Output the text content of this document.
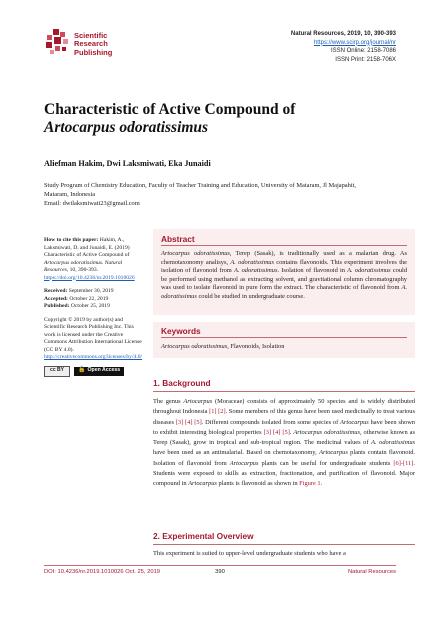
Scientific
Research
Publishing
Natural Resources, 2019, 10, 390-393
https://www.scirp.org/journal/nr
ISSN Online: 2158-7086
ISSN Print: 2158-706X
Characteristic of Active Compound of
Artocarpus odoratissimus
Aliefman Hakim, Dwi Laksmiwati, Eka Junaidi
Study Program of Chemistry Education, Faculty of Teacher Training and Education, University of Mataram, Jl Majapahit,
Mataram, Indonesia
Email: dwilaksmiwati23@gmail.com

How to cite this paper: Hakim, A., Laksmiwati, D. and Junaidi, E. (2019) Characteristic of Active Compound of Artocarpus odoratissimus. Natural Resources, 10, 390-393.

https://doi.org/10.4236/nr.2019.1010026

Received: September 30, 2019

Accepted: October 22, 2019

Published: October 25, 2019

Copyright © 2019 by author(s) and Scientific Research Publishing Inc. This work is licensed under the Creative Commons Attribution International License (CC BY 4.0).

http://creativecommons.org/licenses/by/4.0/

cc BY	🔓 Open Access
Abstract
Artocarpus odoratissimus, Terep (Sasak), is traditionally used as a malarian drug. As chemotaxonomy analisys, A. odoratissimus contains flavonoids. This experiment involves the isolation of flavonoid from A. odoratissimus. Isolation of flavonoid in A. odoratissimus could be performed using methanol as extracting solvent, and gravitational column chromatography was used to isolate flavonoid in pure form the extract. The characteristic of flavonoid from A. odoratissimus could be studied in undergraduate course.
Keywords
Artocarpus odoratissimus, Flavonoids, Isolation
1. Background
The genus Artocarpus (Moraceae) consists of approximately 50 species and is widely distributed throughout Indonesia [1] [2]. Some members of this genus have been used medicinally to treat various diseases [3] [4] [5]. Different compounds isolated from some species of Artocarpus have been shown to exhibit interesting biological properties [3] [4] [5]. Artocarpus odoratissimus, otherwise known as Terep (Sasak), grow in tropical and sub-tropical region. The medicinal values of A. odoratissimus have been used as an antimalarial. Based on chemotaxonomy, Artocarpus plants contain flavonoid. Isolation of flavonoid from Artocarpus plants can be useful for undergraduate students [6]-[11]. Students were exposed to skills as extraction, fractionation, and purification of flavonoid. Major compound in Artocarpus plants is flavonoid as shown in Figure 1.
2. Experimental Overview
This experiment is suited to upper-level undergraduate students who have a
DOI: 10.4236/nr.2019.1010026 Oct. 25, 2019	390	Natural Resources
